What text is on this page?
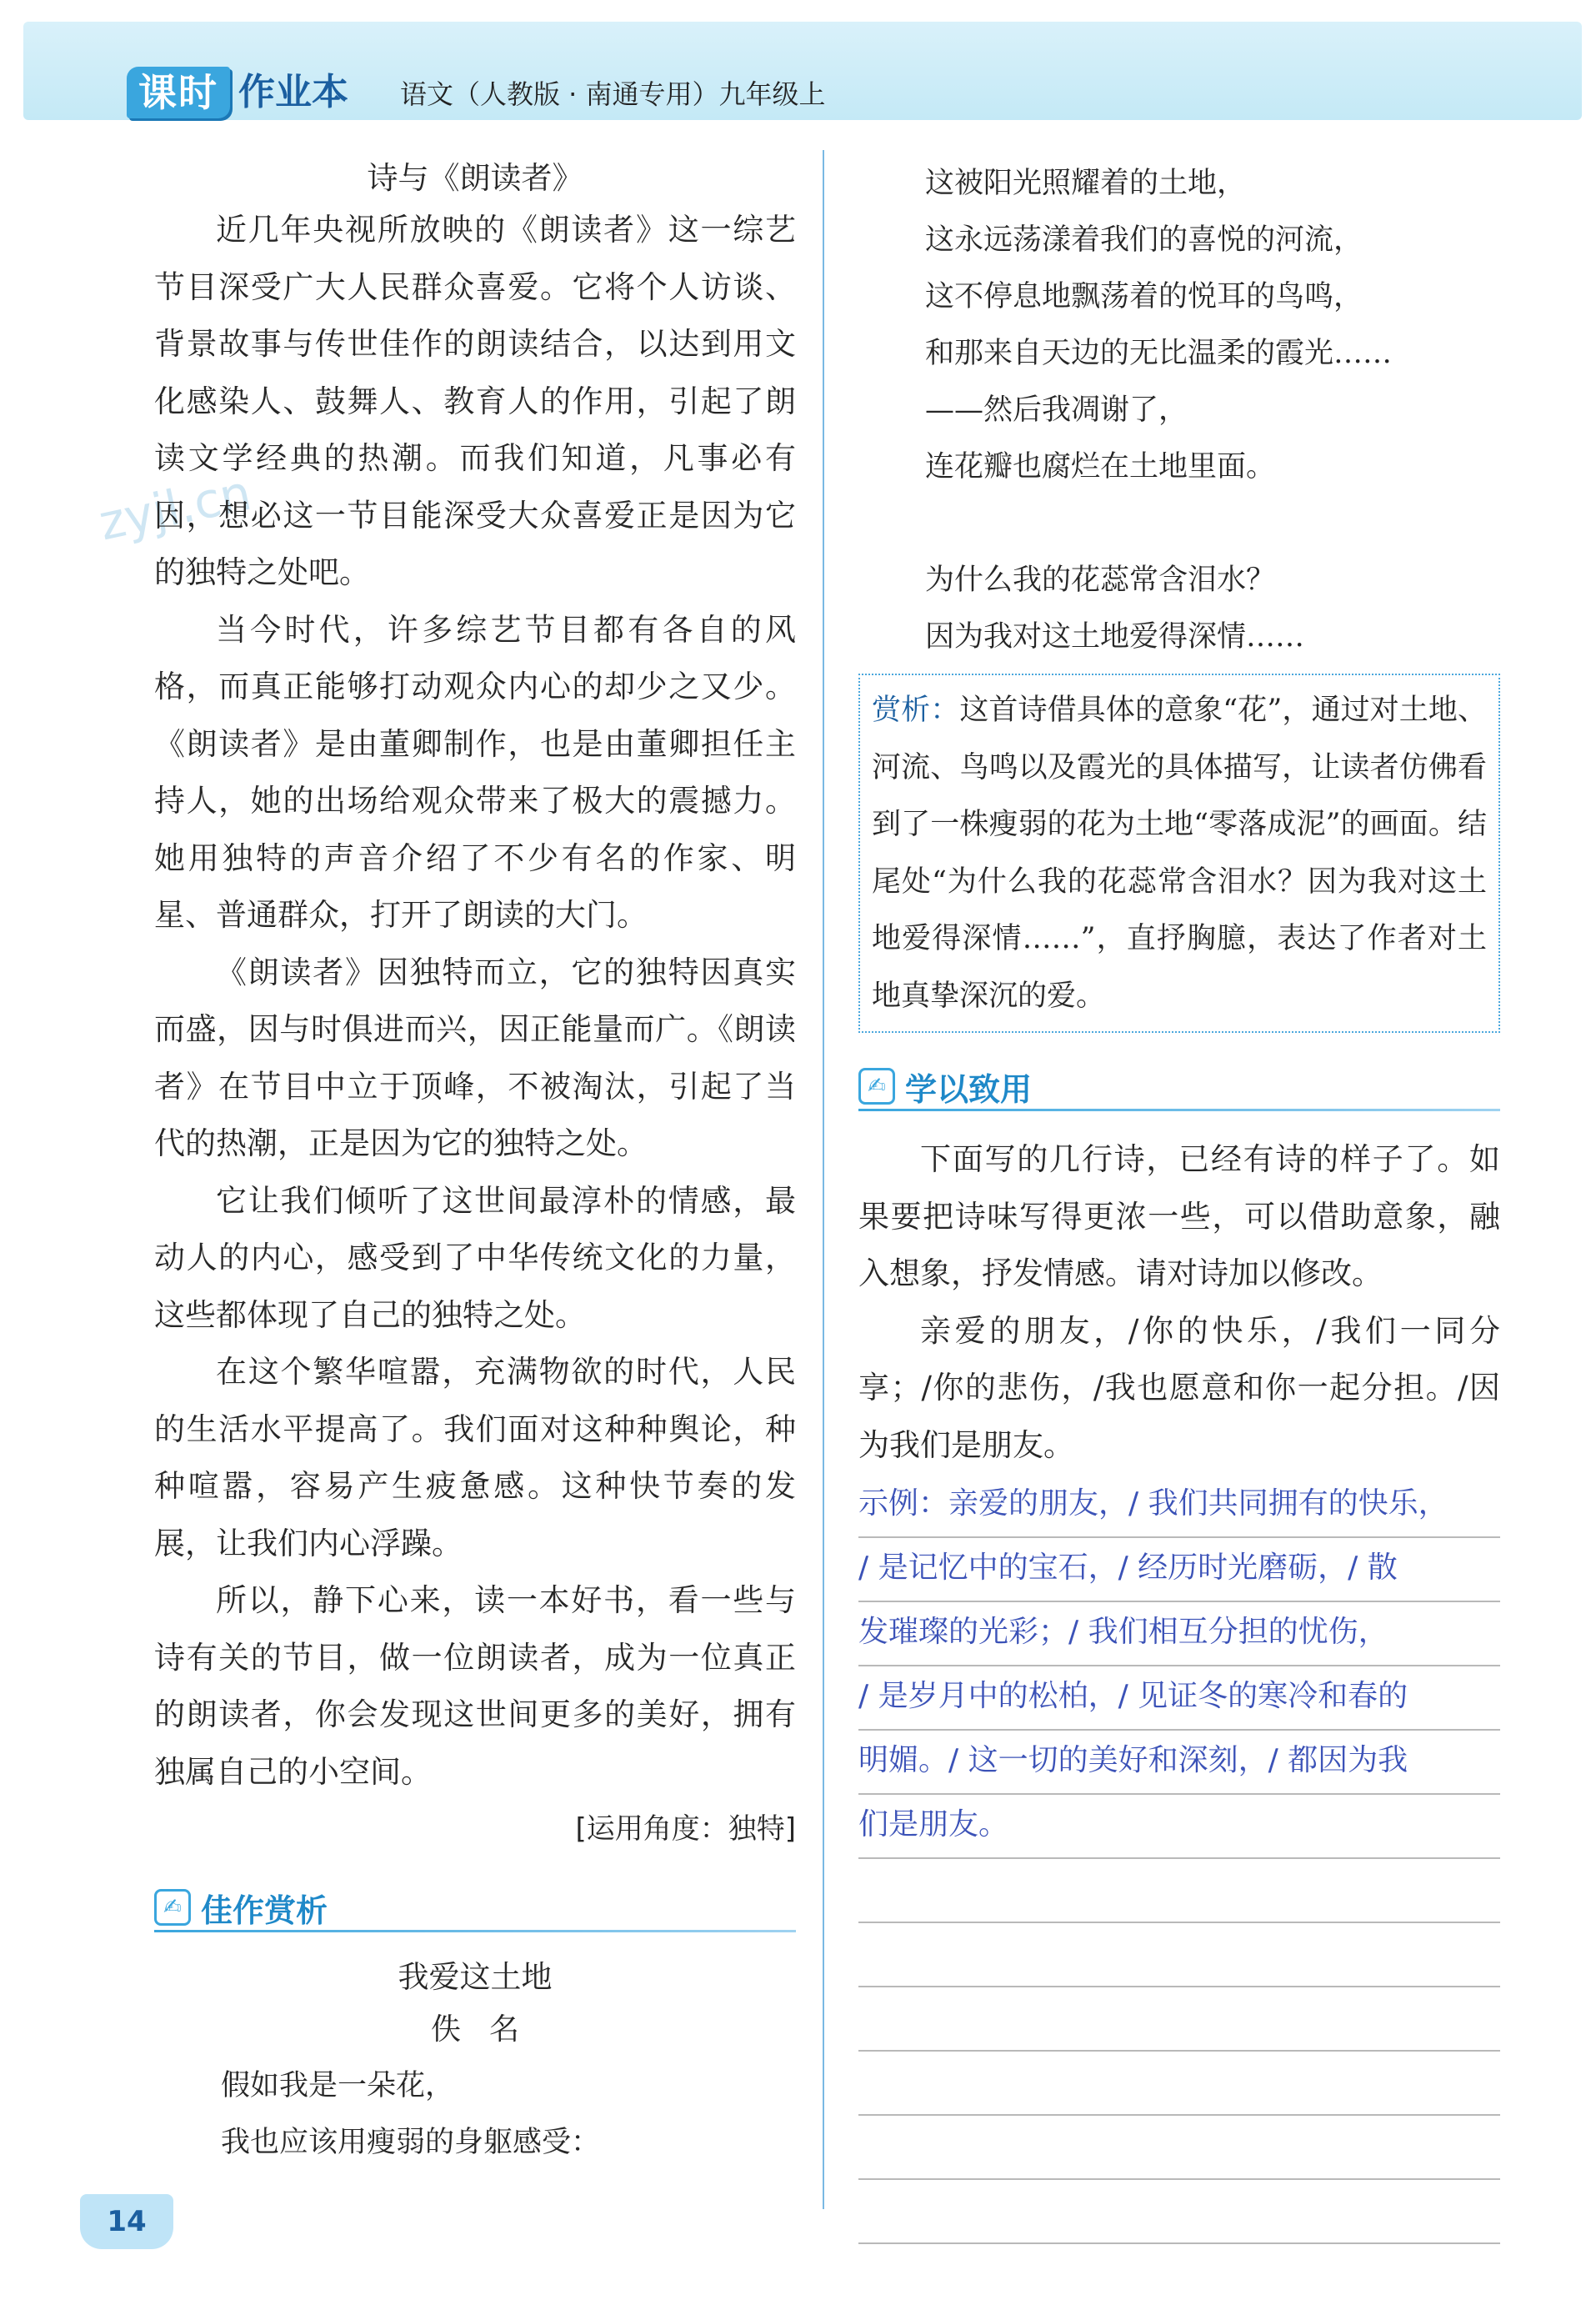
课时 作业本 语文（人教版 · 南通专用）九年级上
zyjl.cn
诗与《朗读者》

近几年央视所放映的《朗读者》这一综艺节目深受广大人民群众喜爱。它将个人访谈、背景故事与传世佳作的朗读结合，以达到用文化感染人、鼓舞人、教育人的作用，引起了朗读文学经典的热潮。而我们知道，凡事必有因，想必这一节目能深受大众喜爱正是因为它的独特之处吧。

当今时代，许多综艺节目都有各自的风格，而真正能够打动观众内心的却少之又少。《朗读者》是由董卿制作，也是由董卿担任主持人，她的出场给观众带来了极大的震撼力。她用独特的声音介绍了不少有名的作家、明星、普通群众，打开了朗读的大门。

《朗读者》因独特而立，它的独特因真实而盛，因与时俱进而兴，因正能量而广。《朗读者》在节目中立于顶峰，不被淘汰，引起了当代的热潮，正是因为它的独特之处。

它让我们倾听了这世间最淳朴的情感，最动人的内心，感受到了中华传统文化的力量，这些都体现了自己的独特之处。

在这个繁华喧嚣，充满物欲的时代，人民的生活水平提高了。我们面对这种种舆论，种种喧嚣，容易产生疲惫感。这种快节奏的发展，让我们内心浮躁。

所以，静下心来，读一本好书，看一些与诗有关的节目，做一位朗读者，成为一位真正的朗读者，你会发现这世间更多的美好，拥有独属自己的小空间。

[运用角度：独特]
✍ 佳作赏析
我爱这土地
佚名
假如我是一朵花，
我也应该用瘦弱的身躯感受：
这被阳光照耀着的土地，
这永远荡漾着我们的喜悦的河流，
这不停息地飘荡着的悦耳的鸟鸣，
和那来自天边的无比温柔的霞光……
——然后我凋谢了，
连花瓣也腐烂在土地里面。
为什么我的花蕊常含泪水？
因为我对这土地爱得深情……
赏析：这首诗借具体的意象“花”，通过对土地、河流、鸟鸣以及霞光的具体描写，让读者仿佛看到了一株瘦弱的花为土地“零落成泥”的画面。结尾处“为什么我的花蕊常含泪水？因为我对这土地爱得深情……”，直抒胸臆，表达了作者对土地真挚深沉的爱。
✍ 学以致用

下面写的几行诗，已经有诗的样子了。如果要把诗味写得更浓一些，可以借助意象，融入想象，抒发情感。请对诗加以修改。

亲爱的朋友，/你的快乐，/我们一同分享；/你的悲伤，/我也愿意和你一起分担。/因为我们是朋友。

示例：亲爱的朋友，/ 我们共同拥有的快乐，
/ 是记忆中的宝石，/ 经历时光磨砺，/ 散
发璀璨的光彩；/ 我们相互分担的忧伤，
/ 是岁月中的松柏，/ 见证冬的寒冷和春的
明媚。/ 这一切的美好和深刻，/ 都因为我
们是朋友。
14
